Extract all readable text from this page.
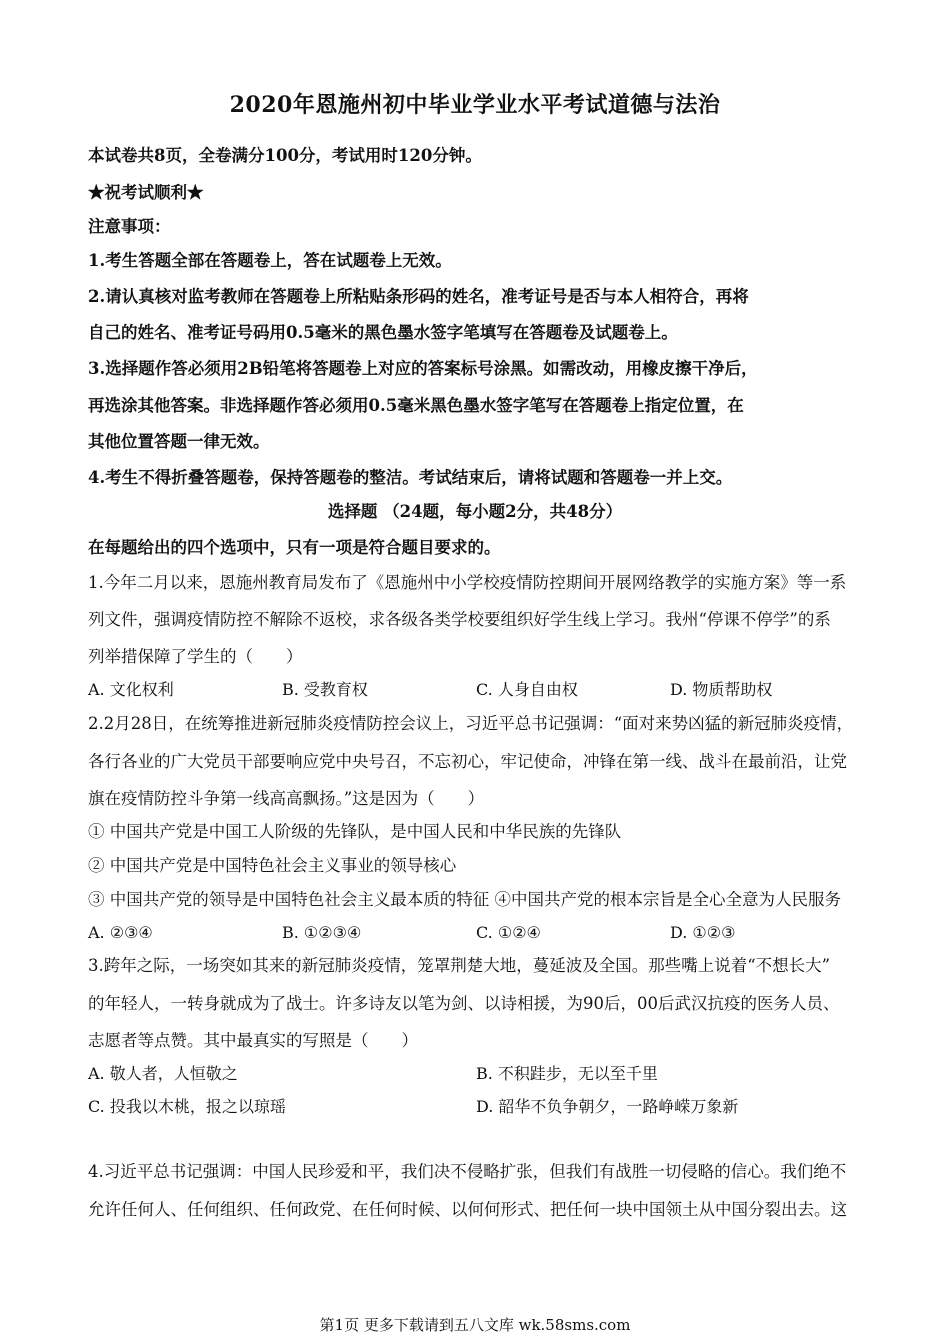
2020年恩施州初中毕业学业水平考试道德与法治
本试卷共8页，全卷满分100分，考试用时120分钟。
★祝考试顺利★
注意事项：
1.考生答题全部在答题卷上，答在试题卷上无效。
2.请认真核对监考教师在答题卷上所粘贴条形码的姓名，准考证号是否与本人相符合，再将
自己的姓名、准考证号码用0.5毫米的黑色墨水签字笔填写在答题卷及试题卷上。
3.选择题作答必须用2B铅笔将答题卷上对应的答案标号涂黑。如需改动，用橡皮擦干净后，
再选涂其他答案。非选择题作答必须用0.5毫米黑色墨水签字笔写在答题卷上指定位置，在
其他位置答题一律无效。
4.考生不得折叠答题卷，保持答题卷的整洁。考试结束后，请将试题和答题卷一并上交。
选择题 （24题，每小题2分，共48分）
在每题给出的四个选项中，只有一项是符合题目要求的。
1.今年二月以来，恩施州教育局发布了《恩施州中小学校疫情防控期间开展网络教学的实施方案》等一系
列文件，强调疫情防控不解除不返校，求各级各类学校要组织好学生线上学习。我州“停课不停学”的系
列举措保障了学生的（　　）
A. 文化权利	B. 受教育权	C. 人身自由权	D. 物质帮助权
2.2月28日，在统筹推进新冠肺炎疫情防控会议上，习近平总书记强调：“面对来势凶猛的新冠肺炎疫情，
各行各业的广大党员干部要响应党中央号召，不忘初心，牢记使命，冲锋在第一线、战斗在最前沿，让党
旗在疫情防控斗争第一线高高飘扬。”这是因为（　　）
① 中国共产党是中国工人阶级的先锋队，是中国人民和中华民族的先锋队
② 中国共产党是中国特色社会主义事业的领导核心
③ 中国共产党的领导是中国特色社会主义最本质的特征 ④中国共产党的根本宗旨是全心全意为人民服务
A. ②③④	B. ①②③④	C. ①②④	D. ①②③
3.跨年之际，一场突如其来的新冠肺炎疫情，笼罩荆楚大地，蔓延波及全国。那些嘴上说着“不想长大”
的年轻人，一转身就成为了战士。许多诗友以笔为剑、以诗相援，为90后，00后武汉抗疫的医务人员、
志愿者等点赞。其中最真实的写照是（　　）
A. 敬人者，人恒敬之	B. 不积跬步，无以至千里
C. 投我以木桃，报之以琼瑶	D. 韶华不负争朝夕，一路峥嵘万象新
4.习近平总书记强调：中国人民珍爱和平，我们决不侵略扩张，但我们有战胜一切侵略的信心。我们绝不
允许任何人、任何组织、任何政党、在任何时候、以何何形式、把任何一块中国领土从中国分裂出去。这
第1页 更多下载请到五八文库 wk.58sms.com
